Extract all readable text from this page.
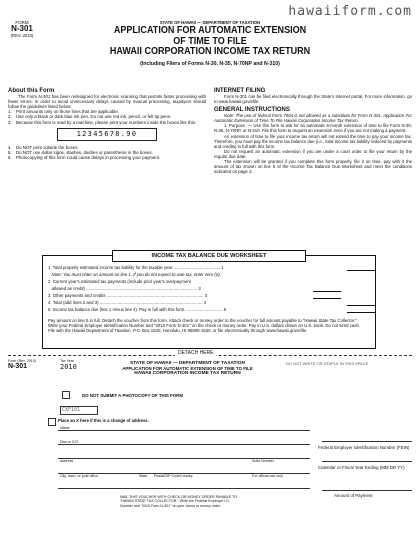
hawaiiform.com
FORM
N-301
(REV. 2010)
STATE OF HAWAII — DEPARTMENT OF TAXATION
APPLICATION FOR AUTOMATIC EXTENSION
OF TIME TO FILE
HAWAII CORPORATION INCOME TAX RETURN
(Including Filers of Forms N-30, N-35, N-70NP and N-310)
About this Form
The Form N-301 has been redesigned for electronic scanning that permits faster processing with fewer errors. In order to avoid unnecessary delays caused by manual processing, taxpayers should follow the guidelines listed below:
1. Print amounts only on those lines that are applicable.
2. Use only a black or dark blue ink pen. Do not use red ink, pencil, or felt tip pens.
3. Because this form is read by a machine, please print your numbers inside the boxes like this:
12345678.90
4. Do NOT print outside the boxes.
5. Do NOT use dollar signs, slashes, dashes or parenthesis in the boxes.
6. Photocopying of this form could cause delays in processing your payment.
INTERNET FILING
Form N-301 can be filed electronically through the State's Internet portal. For more information, go to www.hawaii.gov/efile.
GENERAL INSTRUCTIONS
Note: The use of federal Form 7004 is not allowed as a substitute for Form N-301, Application For Automatic Extension of Time To File Hawaii Corporation Income Tax Return.
1. Purpose. — Use this form to ask for an automatic 6-month extension of time to file Form N-30, N-35, N-70NP, or N-310. File this form to request an extension even if you are not making a payment.
An extension of time to file your income tax return will not extend the time to pay your income tax. Therefore, you must pay the income tax balance due (i.e., total income tax liability reduced by payments and credits) in full with this form.
Do not request an automatic extension if you are under a court order to file your return by the regular due date.
The extension will be granted if you complete this form properly, file it on time, pay with it the amount of tax shown on line 5 of the Income Tax Balance Due Worksheet and meet the conditions indicated on page 2.
1 Total properly estimated income tax liability for the taxable year ....................................... 1
Note: You must enter an amount on line 1. If you do not expect to owe tax, enter zero (0).
2 Current year's estimated tax payments (include prior year's overpayment
allowed as credit) ............................................................................................. 2
3 Other payments and credits ................................................................................. 3
4 Total (add lines 2 and 3) ...................................................................................... 4
5 Income tax balance due (line 1 minus line 4). Pay in full with this form. .............................. 5
Pay amount on line 5 in full. Detach the voucher from this form. Attach check or money order to the voucher for full amount payable to "Hawaii State Tax Collector." Write your Federal Employer Identification Number and "2010 Form N-301" on the check or money order. Pay in U.S. dollars drawn on U.S. bank. Do not send cash. File with the Hawaii Department of Taxation, P.O. Box 1530, Honolulu, HI 96806-1530, or file electronically through www.hawaii.gov/efile.
INCOME TAX BALANCE DUE WORKSHEET
DETACH HERE
Form (Rev. 2010)
N-301
Tax Year
2010	STATE OF HAWAII — DEPARTMENT OF TAXATION
APPLICATION FOR AUTOMATIC EXTENSION OF TIME TO FILE
HAWAII CORPORATION INCOME TAX RETURN
DO NOT WRITE OR STAPLE IN THIS SPACE
DO NOT SUBMIT A PHOTOCOPY OF THIS FORM
CXF101
Place an X here if this is a change of address.
Name
Dba or C/O
Address	Suite Number
City, town, or post office	State Postal/ZIP Code Country	For official use only
Federal Employer Identification Number (FEIN)
Calendar or Fiscal Year Ending (MM DD YY)
Amount of Payment
MAIL THIS VOUCHER WITH CHECK OR MONEY ORDER PAYABLE TO "HAWAII STATE TAX COLLECTOR." Write the Federal Employer I.D. Number and "2010 Form N-301" on your check or money order.
